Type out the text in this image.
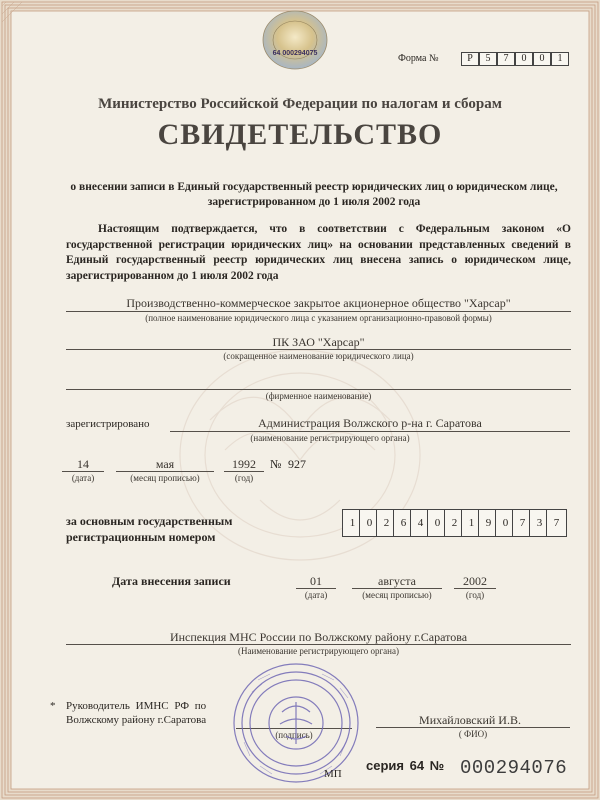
64 000294075	Форма №	Р	5	7	0	0	1
Министерство Российской Федерации по налогам и сборам
СВИДЕТЕЛЬСТВО
о внесении записи в Единый государственный реестр юридических лиц о юридическом лице, зарегистрированном до 1 июля 2002 года
Настоящим подтверждается, что в соответствии с Федеральным законом «О государственной регистрации юридических лиц» на основании представленных сведений в Единый государственный реестр юридических лиц внесена запись о юридическом лице, зарегистрированном до 1 июля 2002 года
Производственно-коммерческое закрытое акционерное общество "Харсар"
(полное наименование юридического лица с указанием организационно-правовой формы)
ПК ЗАО "Харсар"
(сокращенное наименование юридического лица)
(фирменное наименование)
зарегистрировано	Администрация Волжского р-на г. Саратова
(наименование регистрирующего органа)
14
(дата)
мая
(месяц прописью)
1992
(год)
№ 927
за основным государственным
регистрационным номером
1	0	2	6	4	0	2	1	9	0	7	3	7
Дата внесения записи	01
(дата)
августа
(месяц прописью)
2002
(год)
Инспекция МНС России по Волжскому району г.Саратова
(Наименование регистрирующего органа)
* Руководитель ИМНС РФ по
Волжскому району г.Саратова
(подпись)
Михайловский И.В.
( ФИО)
МП
серия 64 № 000294076
